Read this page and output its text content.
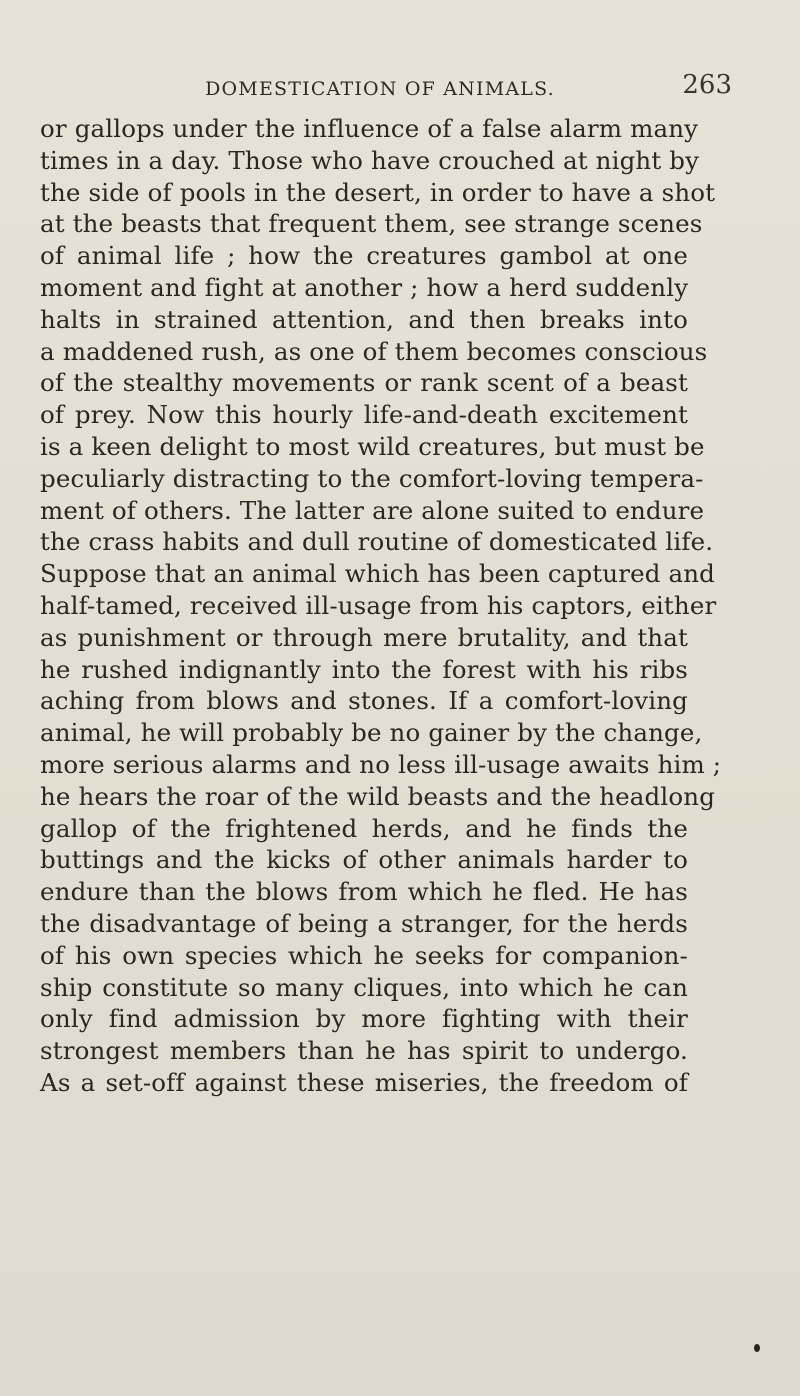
DOMESTICATION OF ANIMALS.	263
or gallops under the influence of a false alarm many
times in a day. Those who have crouched at night by
the side of pools in the desert, in order to have a shot
at the beasts that frequent them, see strange scenes
of animal life ; how the creatures gambol at one
moment and fight at another ; how a herd suddenly
halts in strained attention, and then breaks into
a maddened rush, as one of them becomes conscious
of the stealthy movements or rank scent of a beast
of prey. Now this hourly life-and-death excitement
is a keen delight to most wild creatures, but must be
peculiarly distracting to the comfort-loving tempera-
ment of others. The latter are alone suited to endure
the crass habits and dull routine of domesticated life.
Suppose that an animal which has been captured and
half-tamed, received ill-usage from his captors, either
as punishment or through mere brutality, and that
he rushed indignantly into the forest with his ribs
aching from blows and stones. If a comfort-loving
animal, he will probably be no gainer by the change,
more serious alarms and no less ill-usage awaits him ;
he hears the roar of the wild beasts and the headlong
gallop of the frightened herds, and he finds the
buttings and the kicks of other animals harder to
endure than the blows from which he fled. He has
the disadvantage of being a stranger, for the herds
of his own species which he seeks for companion-
ship constitute so many cliques, into which he can
only find admission by more fighting with their
strongest members than he has spirit to undergo.
As a set-off against these miseries, the freedom of
